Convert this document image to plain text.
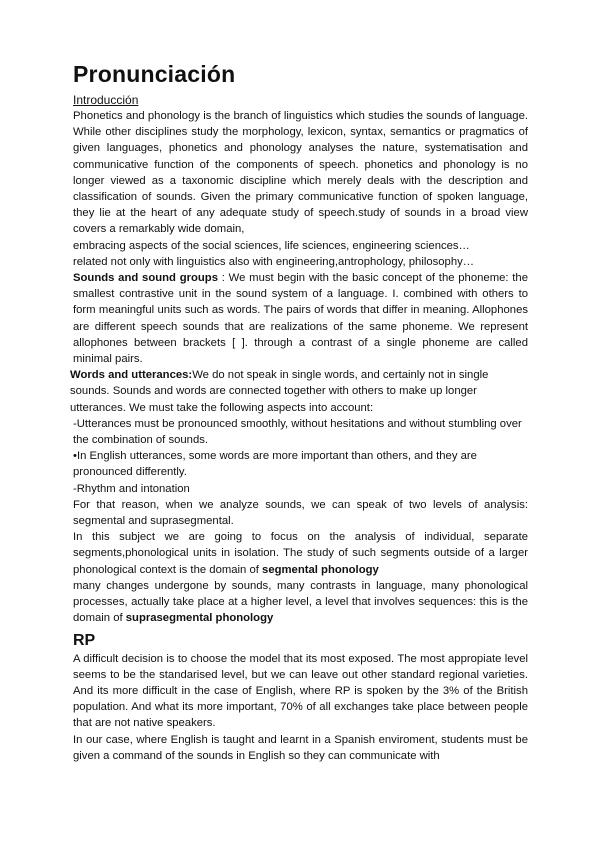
Pronunciación
Introducción

Phonetics and phonology is the branch of linguistics which studies the sounds of language. While other disciplines study the morphology, lexicon, syntax, semantics or pragmatics of given languages, phonetics and phonology analyses the nature, systematisation and communicative function of the components of speech. phonetics and phonology is no longer viewed as a taxonomic discipline which merely deals with the description and classification of sounds. Given the primary communicative function of spoken language, they lie at the heart of any adequate study of speech.study of sounds in a broad view covers a remarkably wide domain,

embracing aspects of the social sciences, life sciences, engineering sciences…

related not only with linguistics also with engineering,antrophology, philosophy…

Sounds and sound groups : We must begin with the basic concept of the phoneme: the smallest contrastive unit in the sound system of a language. I. combined with others to form meaningful units such as words. The pairs of words that differ in meaning. Allophones are different speech sounds that are realizations of the same phoneme. We represent allophones between brackets [ ]. through a contrast of a single phoneme are called minimal pairs.

Words and utterances:We do not speak in single words, and certainly not in single sounds. Sounds and words are connected together with others to make up longer utterances. We must take the following aspects into account:

-Utterances must be pronounced smoothly, without hesitations and without stumbling over the combination of sounds.

•In English utterances, some words are more important than others, and they are pronounced differently.

-Rhythm and intonation

For that reason, when we analyze sounds, we can speak of two levels of analysis: segmental and suprasegmental.

In this subject we are going to focus on the analysis of individual, separate segments,phonological units in isolation. The study of such segments outside of a larger phonological context is the domain of segmental phonology

many changes undergone by sounds, many contrasts in language, many phonological processes, actually take place at a higher level, a level that involves sequences: this is the domain of suprasegmental phonology

RP

A difficult decision is to choose the model that its most exposed. The most appropiate level seems to be the standarised level, but we can leave out other standard regional varieties. And its more difficult in the case of English, where RP is spoken by the 3% of the British population. And what its more important, 70% of all exchanges take place between people that are not native speakers.

In our case, where English is taught and learnt in a Spanish enviroment, students must be given a command of the sounds in English so they can communicate with
